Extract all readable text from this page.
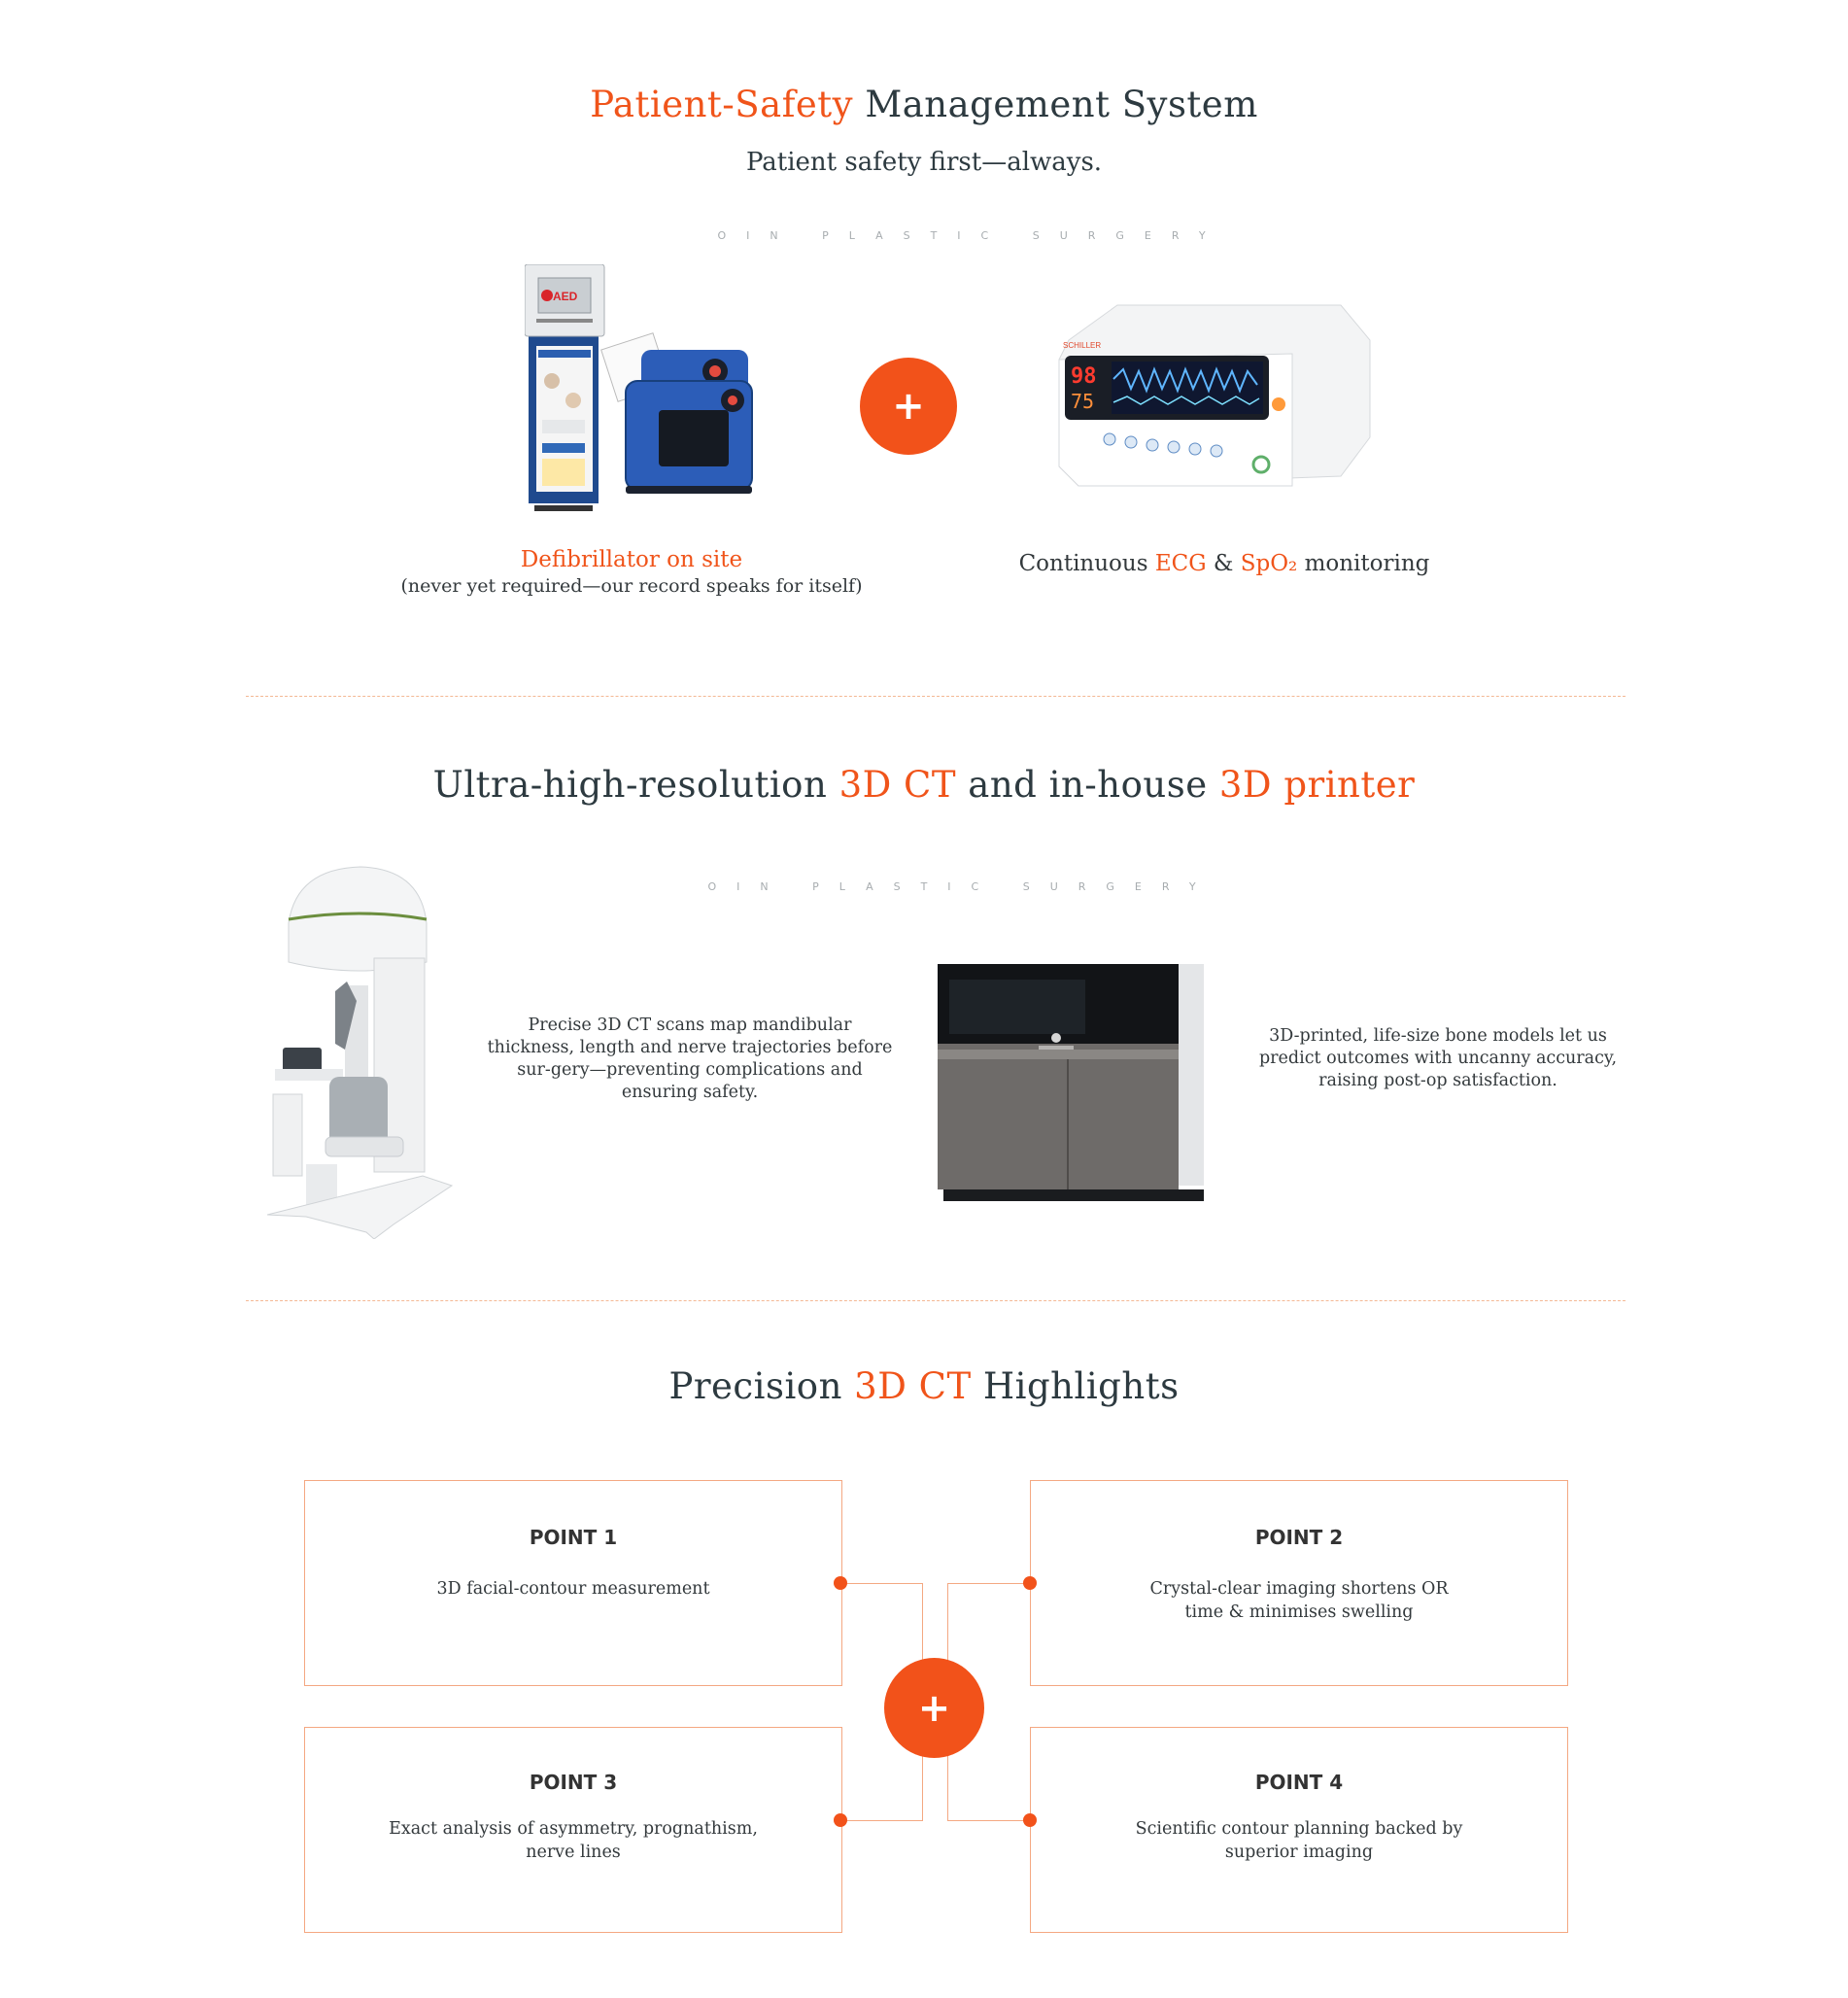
Patient-Safety Management System
Patient safety first—always.
OIN PLASTIC SURGERY
AED
+
SCHILLER
98
75
Defibrillator on site
(never yet required—our record speaks for itself)
Continuous ECG & SpO₂ monitoring
Ultra-high-resolution 3D CT and in-house 3D printer
OIN PLASTIC SURGERY
Precise 3D CT scans map mandibular thickness, length and nerve trajectories before sur-gery—preventing complications and ensuring safety.
3D-printed, life-size bone models let us predict outcomes with uncanny accuracy, raising post-op satisfaction.
Precision 3D CT Highlights
POINT 1
3D facial-contour measurement
POINT 2
Crystal-clear imaging shortens OR time & minimises swelling
POINT 3
Exact analysis of asymmetry, prognathism, nerve lines
POINT 4
Scientific contour planning backed by superior imaging
+
